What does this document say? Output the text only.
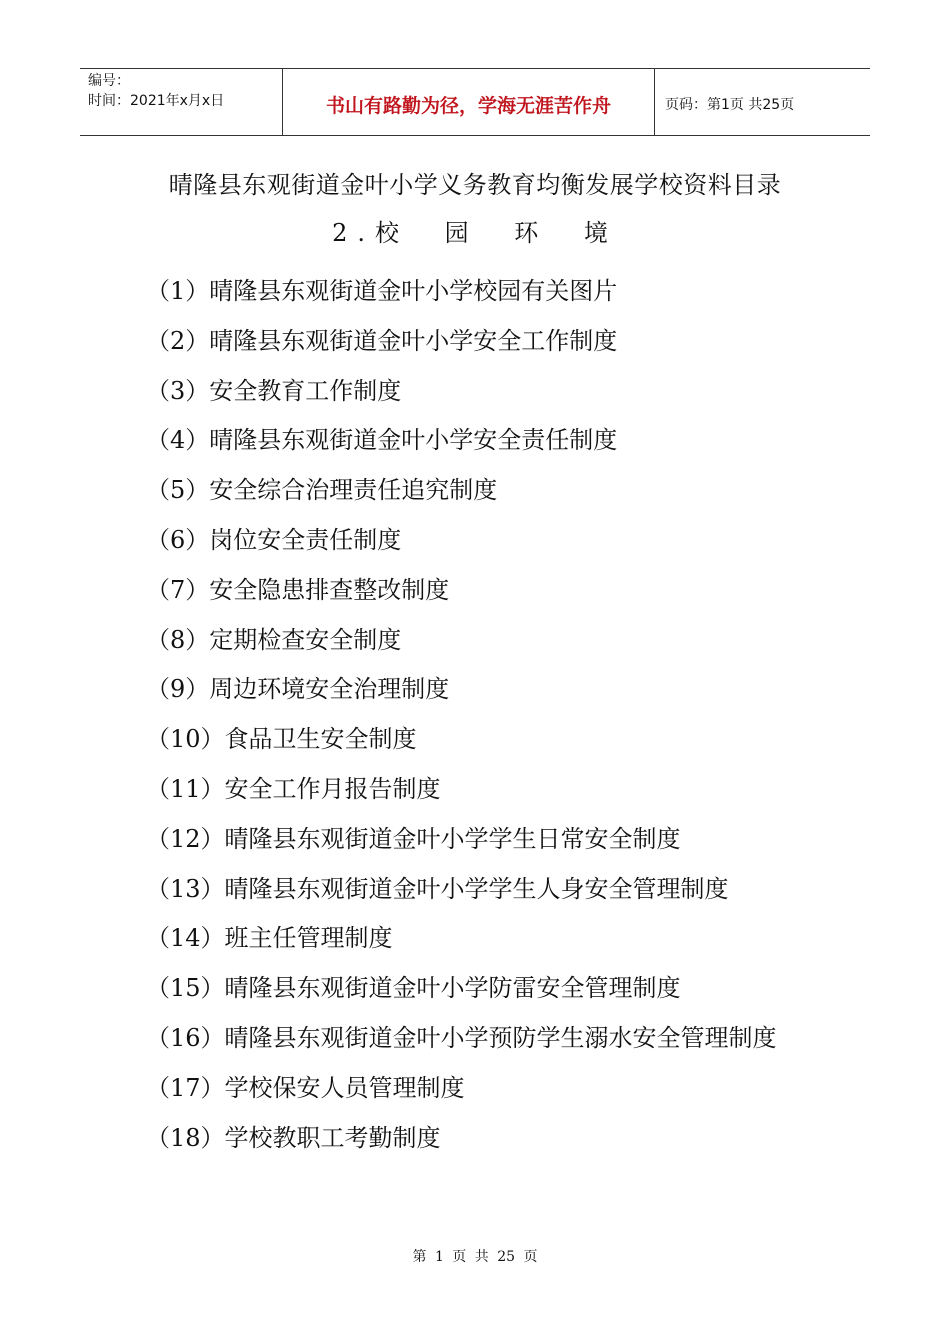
编号：
时间：2021年x月x日	书山有路勤为径，学海无涯苦作舟	页码：第1页 共25页
晴隆县东观街道金叶小学义务教育均衡发展学校资料目录
2.校 园 环 境
（1）晴隆县东观街道金叶小学校园有关图片
（2）晴隆县东观街道金叶小学安全工作制度
（3）安全教育工作制度
（4）晴隆县东观街道金叶小学安全责任制度
（5）安全综合治理责任追究制度
（6）岗位安全责任制度
（7）安全隐患排查整改制度
（8）定期检查安全制度
（9）周边环境安全治理制度
（10）食品卫生安全制度
（11）安全工作月报告制度
（12）晴隆县东观街道金叶小学学生日常安全制度
（13）晴隆县东观街道金叶小学学生人身安全管理制度
（14）班主任管理制度
（15）晴隆县东观街道金叶小学防雷安全管理制度
（16）晴隆县东观街道金叶小学预防学生溺水安全管理制度
（17）学校保安人员管理制度
（18）学校教职工考勤制度
第 1 页 共 25 页
